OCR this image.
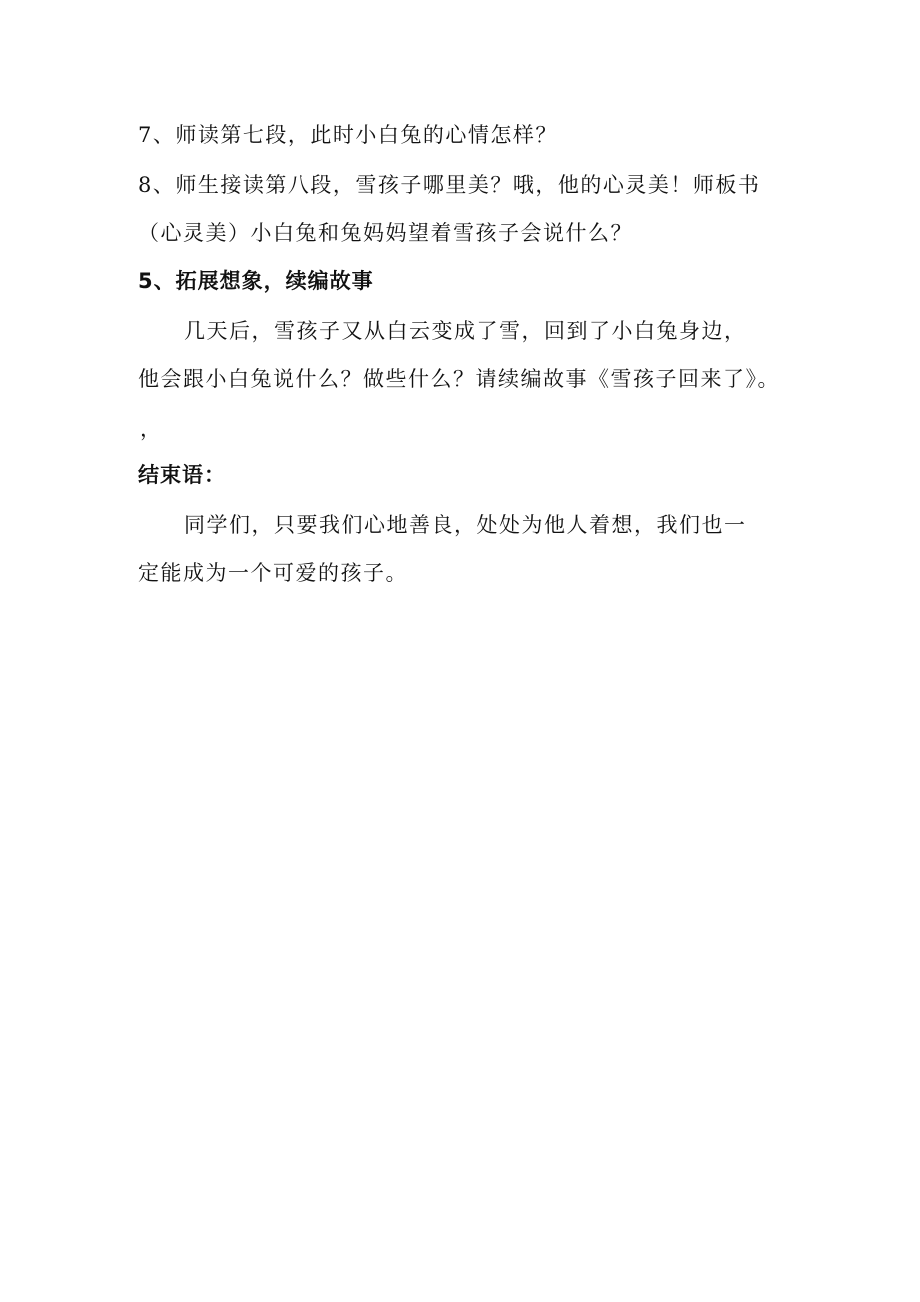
7、师读第七段，此时小白兔的心情怎样？
8、师生接读第八段，雪孩子哪里美？哦，他的心灵美！师板书
（心灵美）小白兔和兔妈妈望着雪孩子会说什么？
5、拓展想象，续编故事
几天后，雪孩子又从白云变成了雪，回到了小白兔身边，
他会跟小白兔说什么？做些什么？请续编故事《雪孩子回来了》。
，
结束语：
同学们，只要我们心地善良，处处为他人着想，我们也一
定能成为一个可爱的孩子。
